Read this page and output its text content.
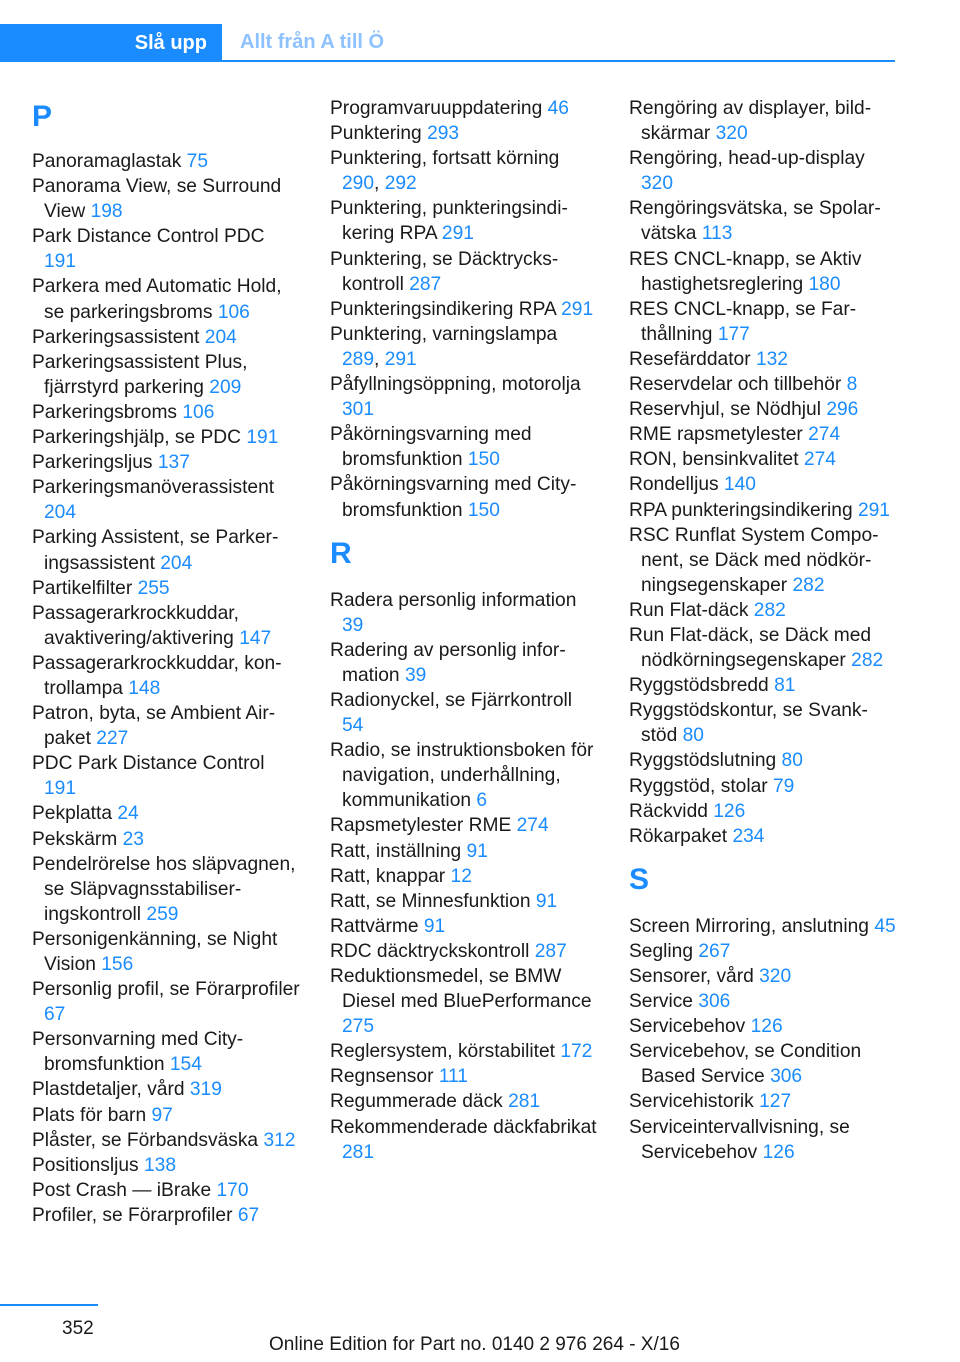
Slå upp	Allt från A till Ö
P
Panoramaglastak 75
Panorama View, se Surround View 198
Park Distance Control PDC 191
Parkera med Automatic Hold, se parkeringsbroms 106
Parkeringsassistent 204
Parkeringsassistent Plus, fjärrstyrd parkering 209
Parkeringsbroms 106
Parkeringshjälp, se PDC 191
Parkeringsljus 137
Parkeringsmanöverassistent 204
Parking Assistent, se Parkeringsassistent 204
Partikelfilter 255
Passagerarkrockkuddar, avaktivering/aktivering 147
Passagerarkrockkuddar, kontrollampa 148
Patron, byta, se Ambient Air-paket 227
PDC Park Distance Control 191
Pekplatta 24
Pekskärm 23
Pendelrörelse hos släpvagnen, se Släpvagnsstabiliseringskontroll 259
Personigenkänning, se Night Vision 156
Personlig profil, se Förarprofiler 67
Personvarning med City-bromsfunktion 154
Plastdetaljer, vård 319
Plats för barn 97
Plåster, se Förbandsväska 312
Positionsljus 138
Post Crash — iBrake 170
Profiler, se Förarprofiler 67
Programvaruuppdatering 46
Punktering 293
Punktering, fortsatt körning 290, 292
Punktering, punkteringsindikering RPA 291
Punktering, se Däcktryckskontroll 287
Punkteringsindikering RPA 291
Punktering, varningslampa 289, 291
Påfyllningsöppning, motorolja 301
Påkörningsvarning med bromsfunktion 150
Påkörningsvarning med City-bromsfunktion 150
R
Radera personlig information 39
Radering av personlig information 39
Radionyckel, se Fjärrkontroll 54
Radio, se instruktionsboken för navigation, underhållning, kommunikation 6
Rapsmetylester RME 274
Ratt, inställning 91
Ratt, knappar 12
Ratt, se Minnesfunktion 91
Rattvärme 91
RDC däcktryckskontroll 287
Reduktionsmedel, se BMW Diesel med BluePerformance 275
Reglersystem, körstabilitet 172
Regnsensor 111
Regummerade däck 281
Rekommenderade däckfabrikat 281
Rengöring av displayer, bildskärmar 320
Rengöring, head-up-display 320
Rengöringsvätska, se Spolarvätska 113
RES CNCL-knapp, se Aktiv hastighetsreglering 180
RES CNCL-knapp, se Farthållning 177
Resefärddator 132
Reservdelar och tillbehör 8
Reservhjul, se Nödhjul 296
RME rapsmetylester 274
RON, bensinkvalitet 274
Rondelljus 140
RPA punkteringsindikering 291
RSC Runflat System Component, se Däck med nödkörningsegenskaper 282
Run Flat-däck 282
Run Flat-däck, se Däck med nödkörningsegenskaper 282
Ryggstödsbredd 81
Ryggstödskontur, se Svankstöd 80
Ryggstödslutning 80
Ryggstöd, stolar 79
Räckvidd 126
Rökarpaket 234
S
Screen Mirroring, anslutning 45
Segling 267
Sensorer, vård 320
Service 306
Servicebehov 126
Servicebehov, se Condition Based Service 306
Servicehistorik 127
Serviceintervallvisning, se Servicebehov 126
352
Online Edition for Part no. 0140 2 976 264 - X/16
